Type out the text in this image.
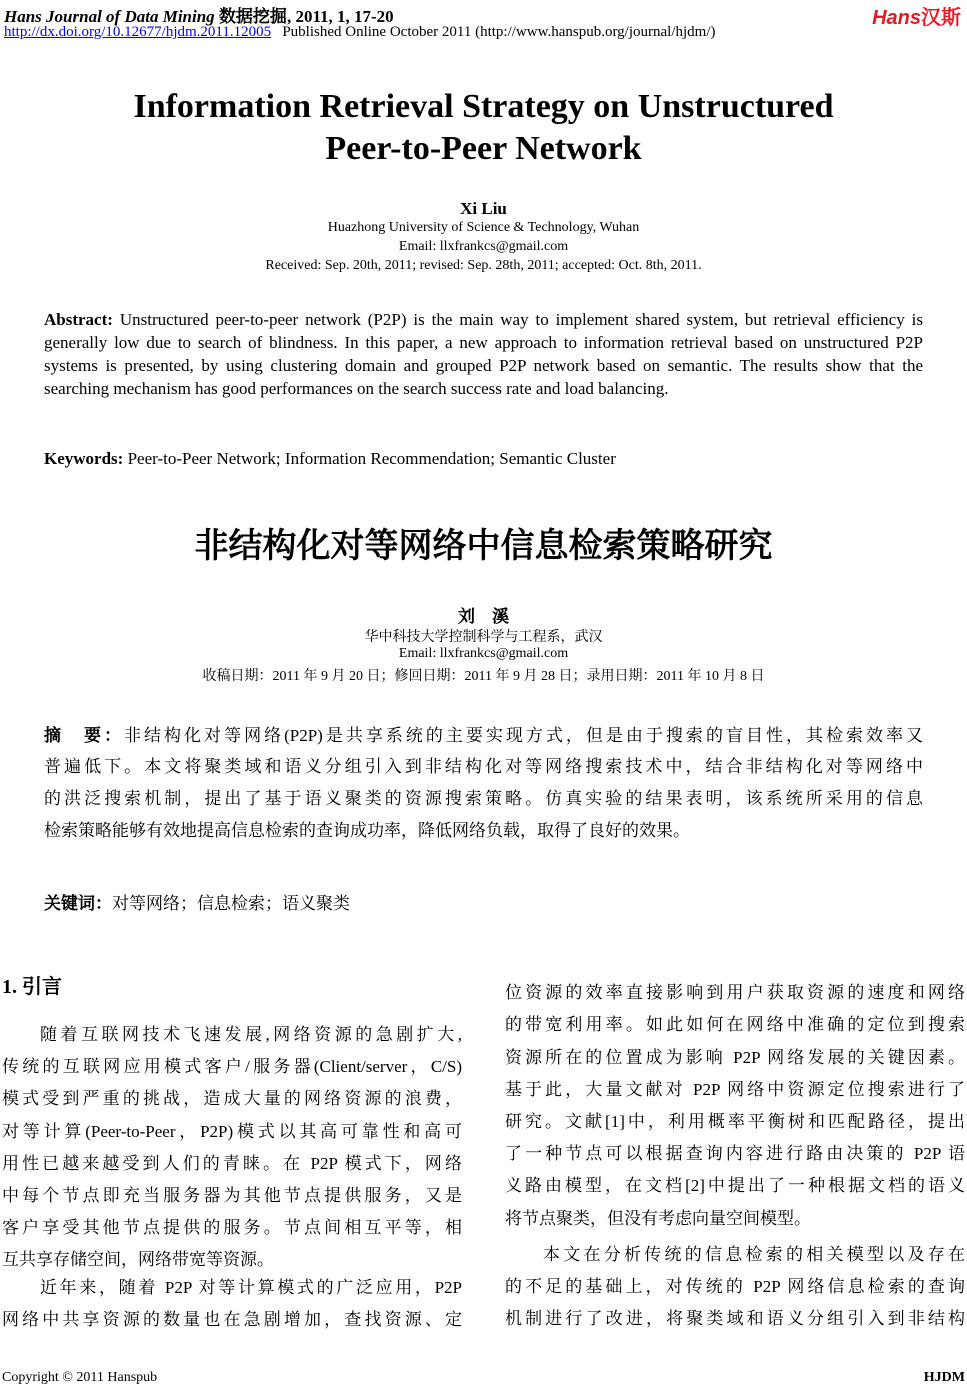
Hans Journal of Data Mining 数据挖掘, 2011, 1, 17-20	Hans汉斯
http://dx.doi.org/10.12677/hjdm.2011.12005 Published Online October 2011 (http://www.hanspub.org/journal/hjdm/)
Information Retrieval Strategy on Unstructured
Peer-to-Peer Network
Xi Liu
Huazhong University of Science & Technology, Wuhan
Email: llxfrankcs@gmail.com
Received: Sep. 20th, 2011; revised: Sep. 28th, 2011; accepted: Oct. 8th, 2011.
Abstract: Unstructured peer-to-peer network (P2P) is the main way to implement shared system, but retrieval efficiency is generally low due to search of blindness. In this paper, a new approach to information retrieval based on unstructured P2P systems is presented, by using clustering domain and grouped P2P network based on semantic. The results show that the searching mechanism has good performances on the search success rate and load balancing.
Keywords: Peer-to-Peer Network; Information Recommendation; Semantic Cluster
非结构化对等网络中信息检索策略研究
刘　溪
华中科技大学控制科学与工程系，武汉
Email: llxfrankcs@gmail.com
收稿日期：2011 年 9 月 20 日；修回日期：2011 年 9 月 28 日；录用日期：2011 年 10 月 8 日
摘　要：非结构化对等网络(P2P)是共享系统的主要实现方式，但是由于搜索的盲目性，其检索效率又
普遍低下。本文将聚类域和语义分组引入到非结构化对等网络搜索技术中，结合非结构化对等网络中
的洪泛搜索机制，提出了基于语义聚类的资源搜索策略。仿真实验的结果表明，该系统所采用的信息
检索策略能够有效地提高信息检索的查询成功率，降低网络负载，取得了良好的效果。
关键词：对等网络；信息检索；语义聚类
1. 引言
Copyright © 2011 Hanspub	HJDM
随着互联网技术飞速发展,网络资源的急剧扩大,
传统的互联网应用模式客户/服务器(Client/server，C/S)
模式受到严重的挑战，造成大量的网络资源的浪费，
对等计算(Peer-to-Peer，P2P)模式以其高可靠性和高可
用性已越来越受到人们的青睐。在 P2P 模式下，网络
中每个节点即充当服务器为其他节点提供服务，又是
客户享受其他节点提供的服务。节点间相互平等，相
互共享存储空间，网络带宽等资源。
近年来，随着 P2P 对等计算模式的广泛应用，P2P
网络中共享资源的数量也在急剧增加，查找资源、定
位资源的效率直接影响到用户获取资源的速度和网络
的带宽利用率。如此如何在网络中准确的定位到搜索
资源所在的位置成为影响 P2P 网络发展的关键因素。
基于此，大量文献对 P2P 网络中资源定位搜索进行了
研究。文献[1]中，利用概率平衡树和匹配路径，提出
了一种节点可以根据查询内容进行路由决策的 P2P 语
义路由模型，在文档[2]中提出了一种根据文档的语义
将节点聚类，但没有考虑向量空间模型。
本文在分析传统的信息检索的相关模型以及存在
的不足的基础上，对传统的 P2P 网络信息检索的查询
机制进行了改进，将聚类域和语义分组引入到非结构
